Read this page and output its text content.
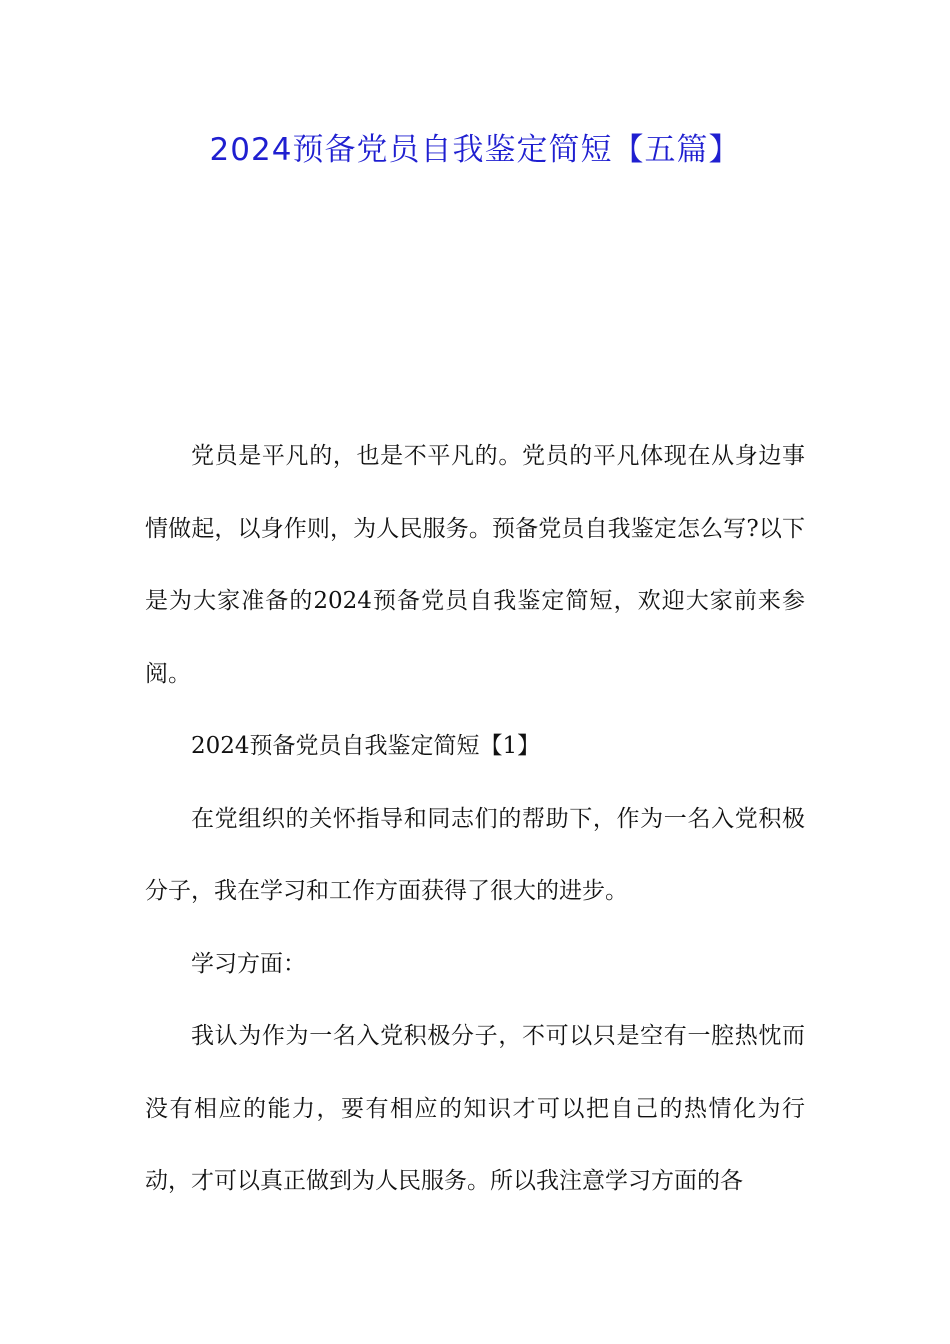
2024预备党员自我鉴定简短【五篇】

党员是平凡的，也是不平凡的。党员的平凡体现在从身边事情做起，以身作则，为人民服务。预备党员自我鉴定怎么写?以下是为大家准备的2024预备党员自我鉴定简短，欢迎大家前来参阅。

2024预备党员自我鉴定简短【1】

在党组织的关怀指导和同志们的帮助下，作为一名入党积极分子，我在学习和工作方面获得了很大的进步。

学习方面：

我认为作为一名入党积极分子，不可以只是空有一腔热忱而没有相应的能力，要有相应的知识才可以把自己的热情化为行动，才可以真正做到为人民服务。所以我注意学习方面的各
